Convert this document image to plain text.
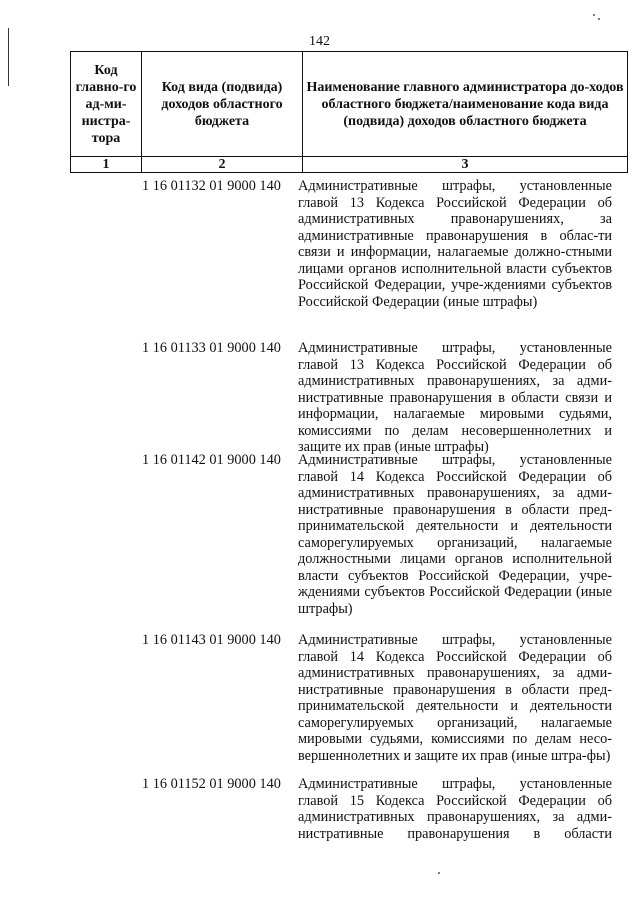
142
Код главно-го ад-ми-нистра-тора	Код вида (подвида) доходов областного бюджета	Наименование главного администратора до-ходов областного бюджета/наименование кода вида (подвида) доходов областного бюджета
1	2	3
1 16 01132 01 9000 140 Административные штрафы, установленные главой 13 Кодекса Российской Федерации об административных правонарушениях, за административные правонарушения в облас-ти связи и информации, налагаемые должно-стными лицами органов исполнительной власти субъектов Российской Федерации, учре-ждениями субъектов Российской Федерации (иные штрафы)
1 16 01133 01 9000 140 Административные штрафы, установленные главой 13 Кодекса Российской Федерации об административных правонарушениях, за адми-нистративные правонарушения в области связи и информации, налагаемые мировыми судьями, комиссиями по делам несовершеннолетних и защите их прав (иные штрафы)
1 16 01142 01 9000 140 Административные штрафы, установленные главой 14 Кодекса Российской Федерации об административных правонарушениях, за адми-нистративные правонарушения в области пред-принимательской деятельности и деятельности саморегулируемых организаций, налагаемые должностными лицами органов исполнительной власти субъектов Российской Федерации, учре-ждениями субъектов Российской Федерации (иные штрафы)
1 16 01143 01 9000 140 Административные штрафы, установленные главой 14 Кодекса Российской Федерации об административных правонарушениях, за адми-нистративные правонарушения в области пред-принимательской деятельности и деятельности саморегулируемых организаций, налагаемые мировыми судьями, комиссиями по делам несо-вершеннолетних и защите их прав (иные штра-фы)
1 16 01152 01 9000 140 Административные штрафы, установленные главой 15 Кодекса Российской Федерации об административных правонарушениях, за адми-нистративные правонарушения в области
